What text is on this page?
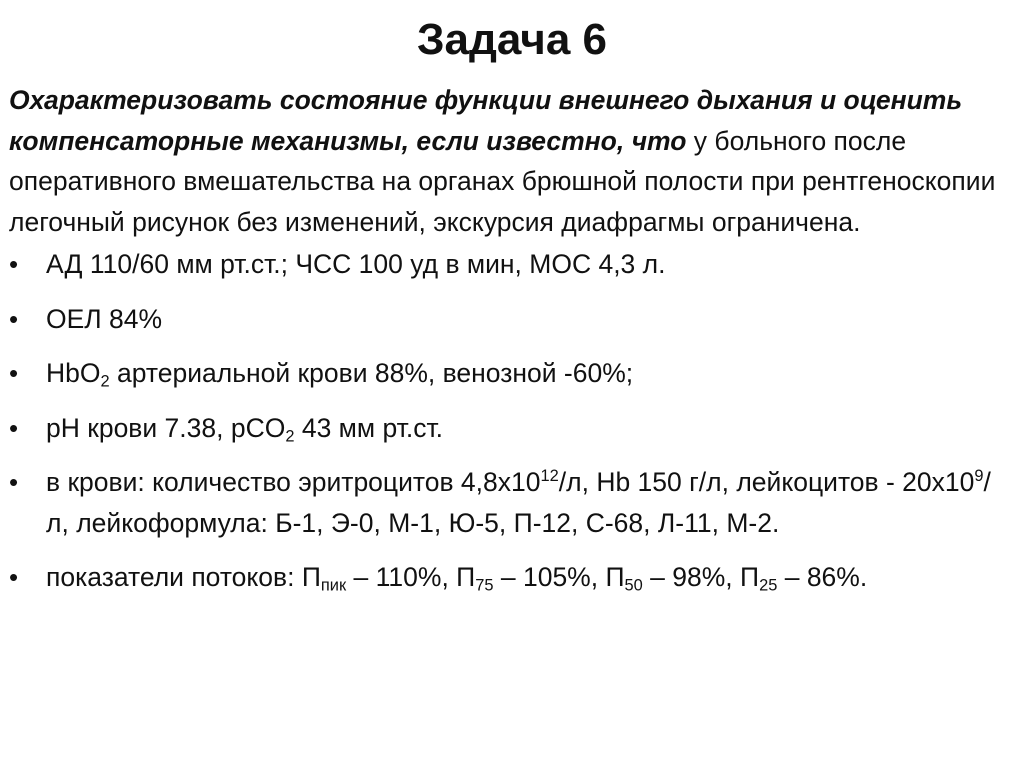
Задача 6

Охарактеризовать состояние функции внешнего дыхания и оценить компенсаторные механизмы, если известно, что у больного после оперативного вмешательства на органах брюшной полости при рентгеноскопии легочный рисунок без изменений, экскурсия диафрагмы ограничена.

• АД 110/60 мм рт.ст.; ЧСС 100 уд в мин, МОС 4,3 л.
• ОЕЛ 84%
• HbO$_2$ артериальной крови 88%, венозной -60%;
• pH крови 7.38, pCO$_2$ 43 мм рт.ст.
• в крови: количество эритроцитов $4,8х10^{12}/л$, Hb 150 г/л, лейкоцитов - $20х10^9/л$, лейкоформула: Б-1, Э-0, М-1, Ю-5, П-12, С-68, Л-11, М-2.
• показатели потоков: $П_{пик} - 110\%$, $П_{75} - 105\%$, $П_{50} - 98\%$, $П_{25} - 86\%$.
